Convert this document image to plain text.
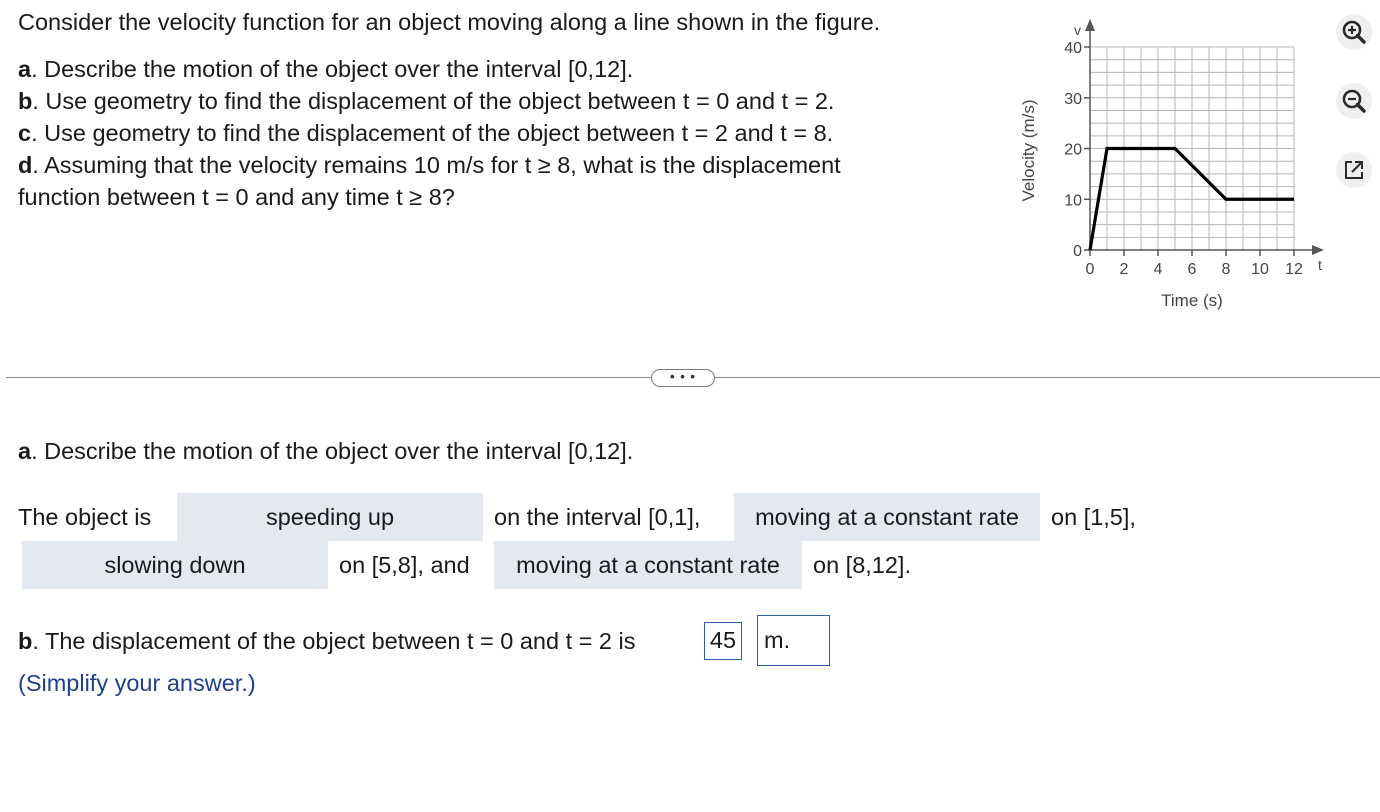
Consider the velocity function for an object moving along a line shown in the figure.
a. Describe the motion of the object over the interval [0,12].
b. Use geometry to find the displacement of the object between t = 0 and t = 2.
c. Use geometry to find the displacement of the object between t = 2 and t = 8.
d. Assuming that the velocity remains 10 m/s for t ≥ 8, what is the displacement
function between t = 0 and any time t ≥ 8?
0
10
20
30
40
0 2 4 6 8 10 12 t
v
Time (s)
Velocity (m/s)
• • •
a. Describe the motion of the object over the interval [0,12].
The object is	speeding up	on the interval [0,1],	moving at a constant rate	on [1,5],
slowing down	on [5,8], and	moving at a constant rate	on [8,12].
b. The displacement of the object between t = 0 and t = 2 is	45 m.
(Simplify your answer.)
